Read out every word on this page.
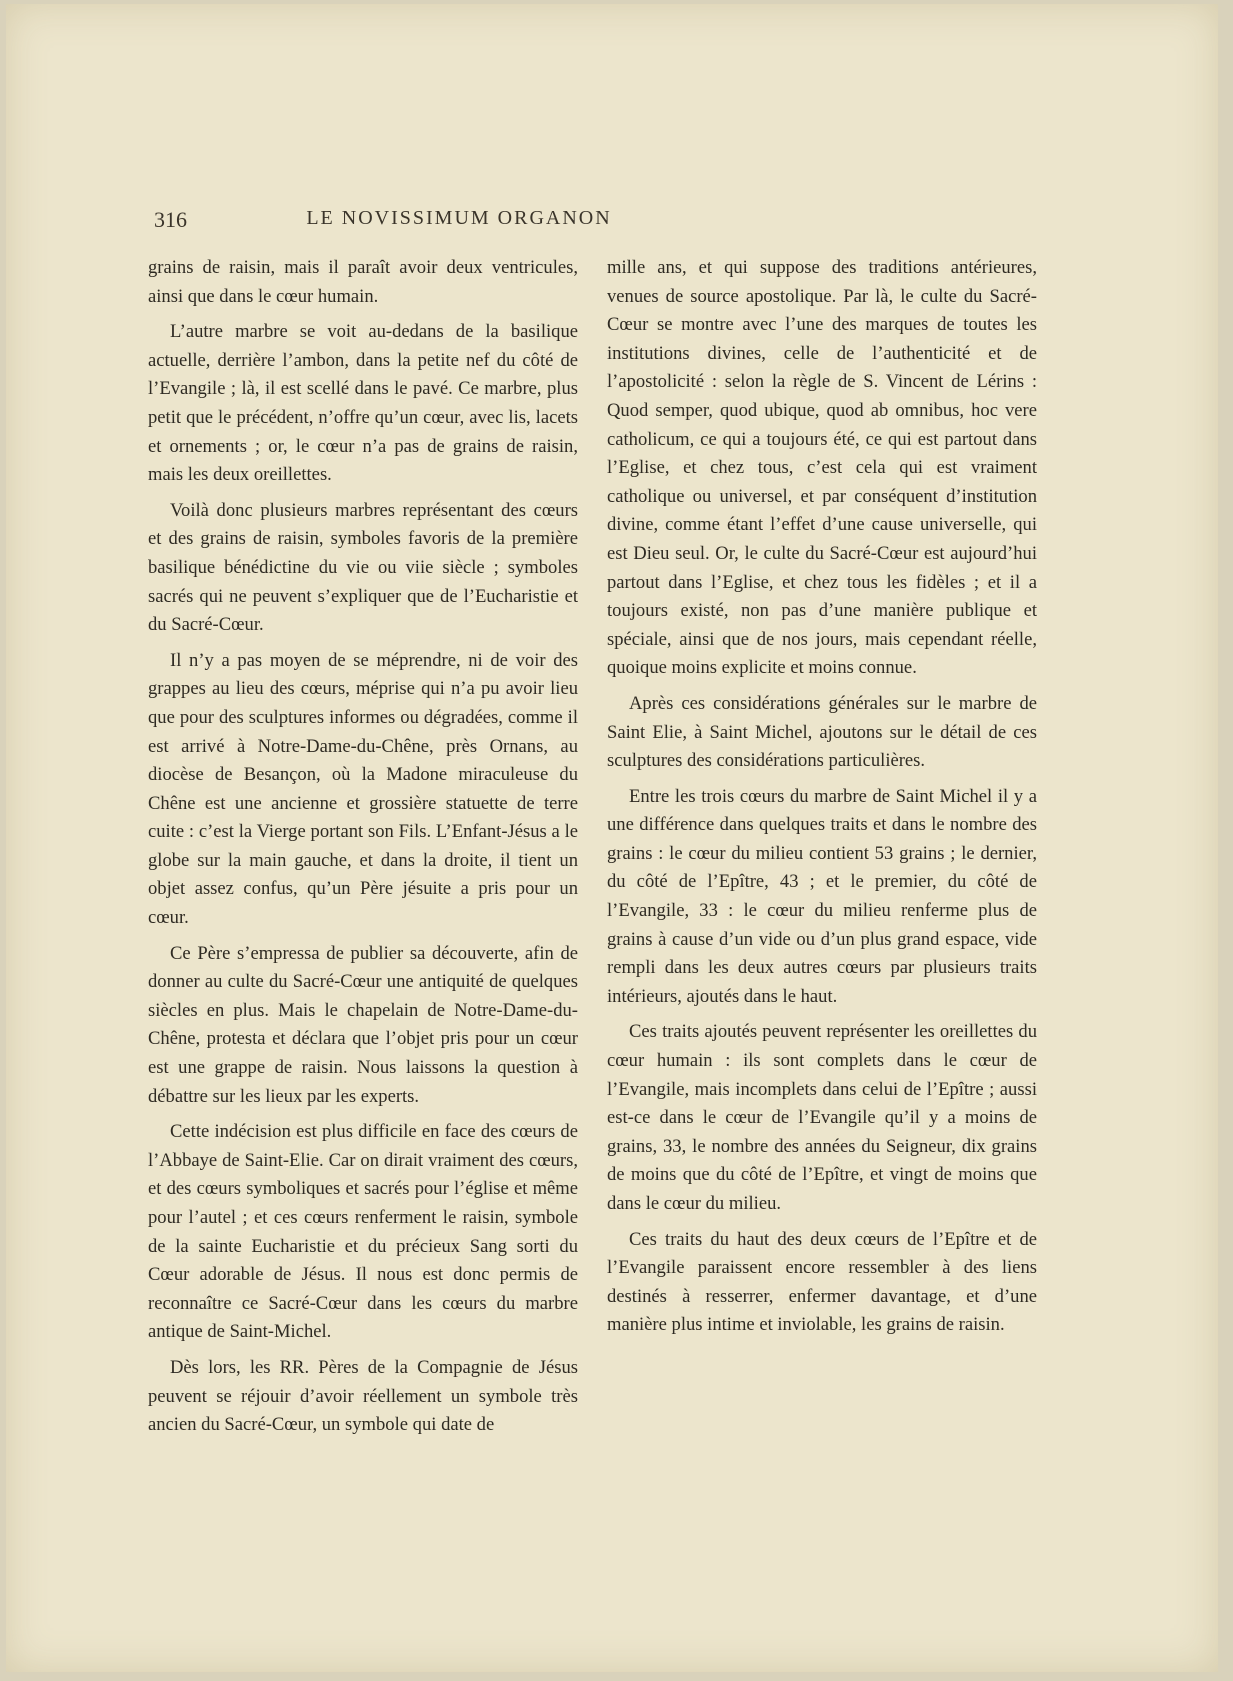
316	LE NOVISSIMUM ORGANON

grains de raisin, mais il paraît avoir deux ventricules, ainsi que dans le cœur humain.

L’autre marbre se voit au-dedans de la basilique actuelle, derrière l’ambon, dans la petite nef du côté de l’Evangile ; là, il est scellé dans le pavé. Ce marbre, plus petit que le précédent, n’offre qu’un cœur, avec lis, lacets et ornements ; or, le cœur n’a pas de grains de raisin, mais les deux oreillettes.

Voilà donc plusieurs marbres représentant des cœurs et des grains de raisin, symboles favoris de la première basilique bénédictine du vie ou viie siècle ; symboles sacrés qui ne peuvent s’expliquer que de l’Eucharistie et du Sacré-Cœur.

Il n’y a pas moyen de se méprendre, ni de voir des grappes au lieu des cœurs, méprise qui n’a pu avoir lieu que pour des sculptures informes ou dégradées, comme il est arrivé à Notre-Dame-du-Chêne, près Ornans, au diocèse de Besançon, où la Madone miraculeuse du Chêne est une ancienne et grossière statuette de terre cuite : c’est la Vierge portant son Fils. L’Enfant-Jésus a le globe sur la main gauche, et dans la droite, il tient un objet assez confus, qu’un Père jésuite a pris pour un cœur.

Ce Père s’empressa de publier sa découverte, afin de donner au culte du Sacré-Cœur une antiquité de quelques siècles en plus. Mais le chapelain de Notre-Dame-du-Chêne, protesta et déclara que l’objet pris pour un cœur est une grappe de raisin. Nous laissons la question à débattre sur les lieux par les experts.

Cette indécision est plus difficile en face des cœurs de l’Abbaye de Saint-Elie. Car on dirait vraiment des cœurs, et des cœurs symboliques et sacrés pour l’église et même pour l’autel ; et ces cœurs renferment le raisin, symbole de la sainte Eucharistie et du précieux Sang sorti du Cœur adorable de Jésus. Il nous est donc permis de reconnaître ce Sacré-Cœur dans les cœurs du marbre antique de Saint-Michel.

Dès lors, les RR. Pères de la Compagnie de Jésus peuvent se réjouir d’avoir réellement un symbole très ancien du Sacré-Cœur, un symbole qui date de

mille ans, et qui suppose des traditions antérieures, venues de source apostolique. Par là, le culte du Sacré-Cœur se montre avec l’une des marques de toutes les institutions divines, celle de l’authenticité et de l’apostolicité : selon la règle de S. Vincent de Lérins : Quod semper, quod ubique, quod ab omnibus, hoc vere catholicum, ce qui a toujours été, ce qui est partout dans l’Eglise, et chez tous, c’est cela qui est vraiment catholique ou universel, et par conséquent d’institution divine, comme étant l’effet d’une cause universelle, qui est Dieu seul. Or, le culte du Sacré-Cœur est aujourd’hui partout dans l’Eglise, et chez tous les fidèles ; et il a toujours existé, non pas d’une manière publique et spéciale, ainsi que de nos jours, mais cependant réelle, quoique moins explicite et moins connue.

Après ces considérations générales sur le marbre de Saint Elie, à Saint Michel, ajoutons sur le détail de ces sculptures des considérations particulières.

Entre les trois cœurs du marbre de Saint Michel il y a une différence dans quelques traits et dans le nombre des grains : le cœur du milieu contient 53 grains ; le dernier, du côté de l’Epître, 43 ; et le premier, du côté de l’Evangile, 33 : le cœur du milieu renferme plus de grains à cause d’un vide ou d’un plus grand espace, vide rempli dans les deux autres cœurs par plusieurs traits intérieurs, ajoutés dans le haut.

Ces traits ajoutés peuvent représenter les oreillettes du cœur humain : ils sont complets dans le cœur de l’Evangile, mais incomplets dans celui de l’Epître ; aussi est-ce dans le cœur de l’Evangile qu’il y a moins de grains, 33, le nombre des années du Seigneur, dix grains de moins que du côté de l’Epître, et vingt de moins que dans le cœur du milieu.

Ces traits du haut des deux cœurs de l’Epître et de l’Evangile paraissent encore ressembler à des liens destinés à resserrer, enfermer davantage, et d’une manière plus intime et inviolable, les grains de raisin.
